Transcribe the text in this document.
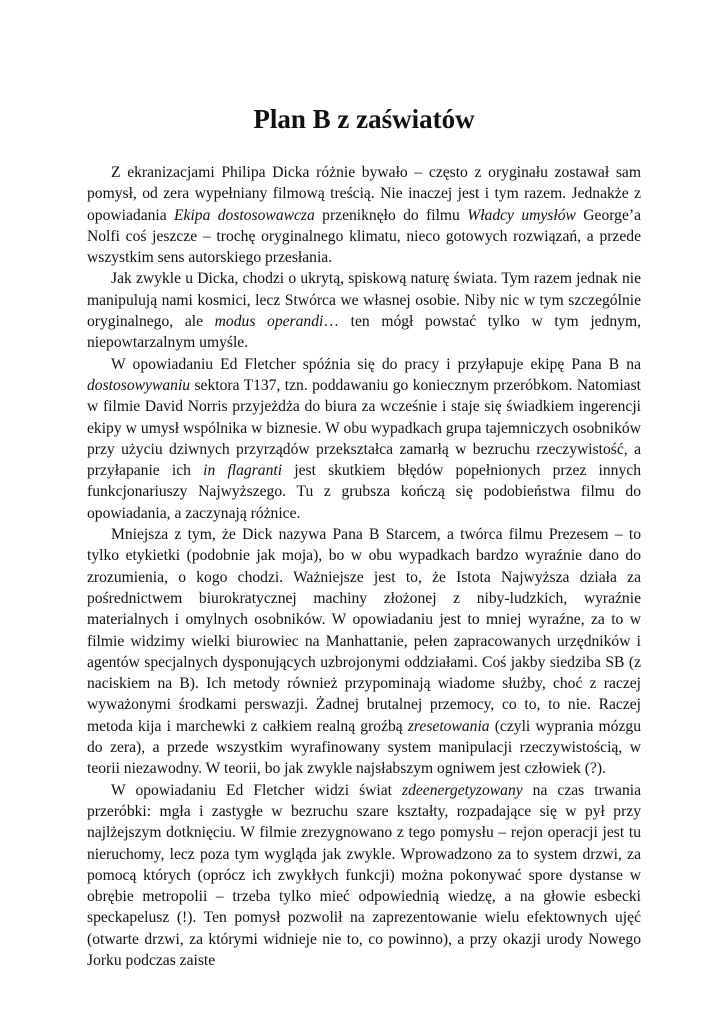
Plan B z zaświatów

Z ekranizacjami Philipa Dicka różnie bywało – często z oryginału zostawał sam pomysł, od zera wypełniany filmową treścią. Nie inaczej jest i tym razem. Jednakże z opowiadania Ekipa dostosowawcza przeniknęło do filmu Władcy umysłów George’a Nolfi coś jeszcze – trochę oryginalnego klimatu, nieco gotowych rozwiązań, a przede wszystkim sens autorskiego przesłania.

Jak zwykle u Dicka, chodzi o ukrytą, spiskową naturę świata. Tym razem jednak nie manipulują nami kosmici, lecz Stwórca we własnej osobie. Niby nic w tym szczególnie oryginalnego, ale modus operandi… ten mógł powstać tylko w tym jednym, niepowtarzalnym umyśle.

W opowiadaniu Ed Fletcher spóźnia się do pracy i przyłapuje ekipę Pana B na dostosowywaniu sektora T137, tzn. poddawaniu go koniecznym przeróbkom. Natomiast w filmie David Norris przyjeżdża do biura za wcześnie i staje się świadkiem ingerencji ekipy w umysł wspólnika w biznesie. W obu wypadkach grupa tajemniczych osobników przy użyciu dziwnych przyrządów przekształca zamarłą w bezruchu rzeczywistość, a przyłapanie ich in flagranti jest skutkiem błędów popełnionych przez innych funkcjonariuszy Najwyższego. Tu z grubsza kończą się podobieństwa filmu do opowiadania, a zaczynają różnice.

Mniejsza z tym, że Dick nazywa Pana B Starcem, a twórca filmu Prezesem – to tylko etykietki (podobnie jak moja), bo w obu wypadkach bardzo wyraźnie dano do zrozumienia, o kogo chodzi. Ważniejsze jest to, że Istota Najwyższa działa za pośrednictwem biurokratycznej machiny złożonej z niby-ludzkich, wyraźnie materialnych i omylnych osobników. W opowiadaniu jest to mniej wyraźne, za to w filmie widzimy wielki biurowiec na Manhattanie, pełen zapracowanych urzędników i agentów specjalnych dysponujących uzbrojonymi oddziałami. Coś jakby siedziba SB (z naciskiem na B). Ich metody również przypominają wiadome służby, choć z raczej wyważonymi środkami perswazji. Żadnej brutalnej przemocy, co to, to nie. Raczej metoda kija i marchewki z całkiem realną groźbą zresetowania (czyli wyprania mózgu do zera), a przede wszystkim wyrafinowany system manipulacji rzeczywistością, w teorii niezawodny. W teorii, bo jak zwykle najsłabszym ogniwem jest człowiek (?).

W opowiadaniu Ed Fletcher widzi świat zdeenergetyzowany na czas trwania przeróbki: mgła i zastygłe w bezruchu szare kształty, rozpadające się w pył przy najlżejszym dotknięciu. W filmie zrezygnowano z tego pomysłu – rejon operacji jest tu nieruchomy, lecz poza tym wygląda jak zwykle. Wprowadzono za to system drzwi, za pomocą których (oprócz ich zwykłych funkcji) można pokonywać spore dystanse w obrębie metropolii – trzeba tylko mieć odpowiednią wiedzę, a na głowie esbecki speckapelusz (!). Ten pomysł pozwolił na zaprezentowanie wielu efektownych ujęć (otwarte drzwi, za którymi widnieje nie to, co powinno), a przy okazji urody Nowego Jorku podczas zaiste
